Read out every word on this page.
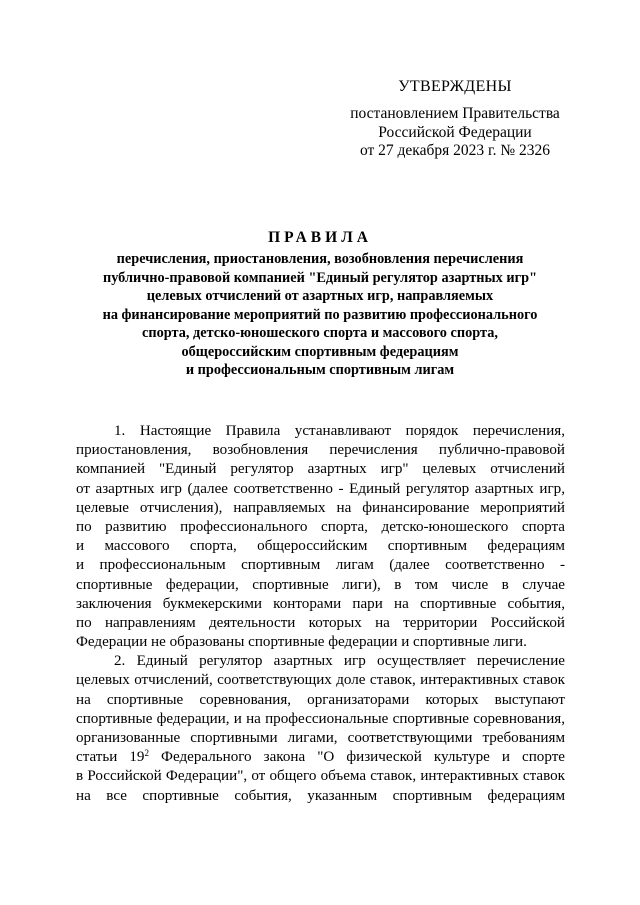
УТВЕРЖДЕНЫ
постановлением Правительства
Российской Федерации
от 27 декабря 2023 г. № 2326
ПРАВИЛА
перечисления, приостановления, возобновления перечисления
публично-правовой компанией "Единый регулятор азартных игр"
целевых отчислений от азартных игр, направляемых
на финансирование мероприятий по развитию профессионального
спорта, детско-юношеского спорта и массового спорта,
общероссийским спортивным федерациям
и профессиональным спортивным лигам
1. Настоящие Правила устанавливают порядок перечисления,
приостановления, возобновления перечисления публично-правовой
компанией "Единый регулятор азартных игр" целевых отчислений
от азартных игр (далее соответственно - Единый регулятор азартных игр,
целевые отчисления), направляемых на финансирование мероприятий
по развитию профессионального спорта, детско-юношеского спорта
и массового спорта, общероссийским спортивным федерациям
и профессиональным спортивным лигам (далее соответственно -
спортивные федерации, спортивные лиги), в том числе в случае
заключения букмекерскими конторами пари на спортивные события,
по направлениям деятельности которых на территории Российской
Федерации не образованы спортивные федерации и спортивные лиги.
2. Единый регулятор азартных игр осуществляет перечисление
целевых отчислений, соответствующих доле ставок, интерактивных ставок
на спортивные соревнования, организаторами которых выступают
спортивные федерации, и на профессиональные спортивные соревнования,
организованные спортивными лигами, соответствующими требованиям
статьи $19^2$ Федерального закона "О физической культуре и спорте
в Российской Федерации", от общего объема ставок, интерактивных ставок
на все спортивные события, указанным спортивным федерациям
